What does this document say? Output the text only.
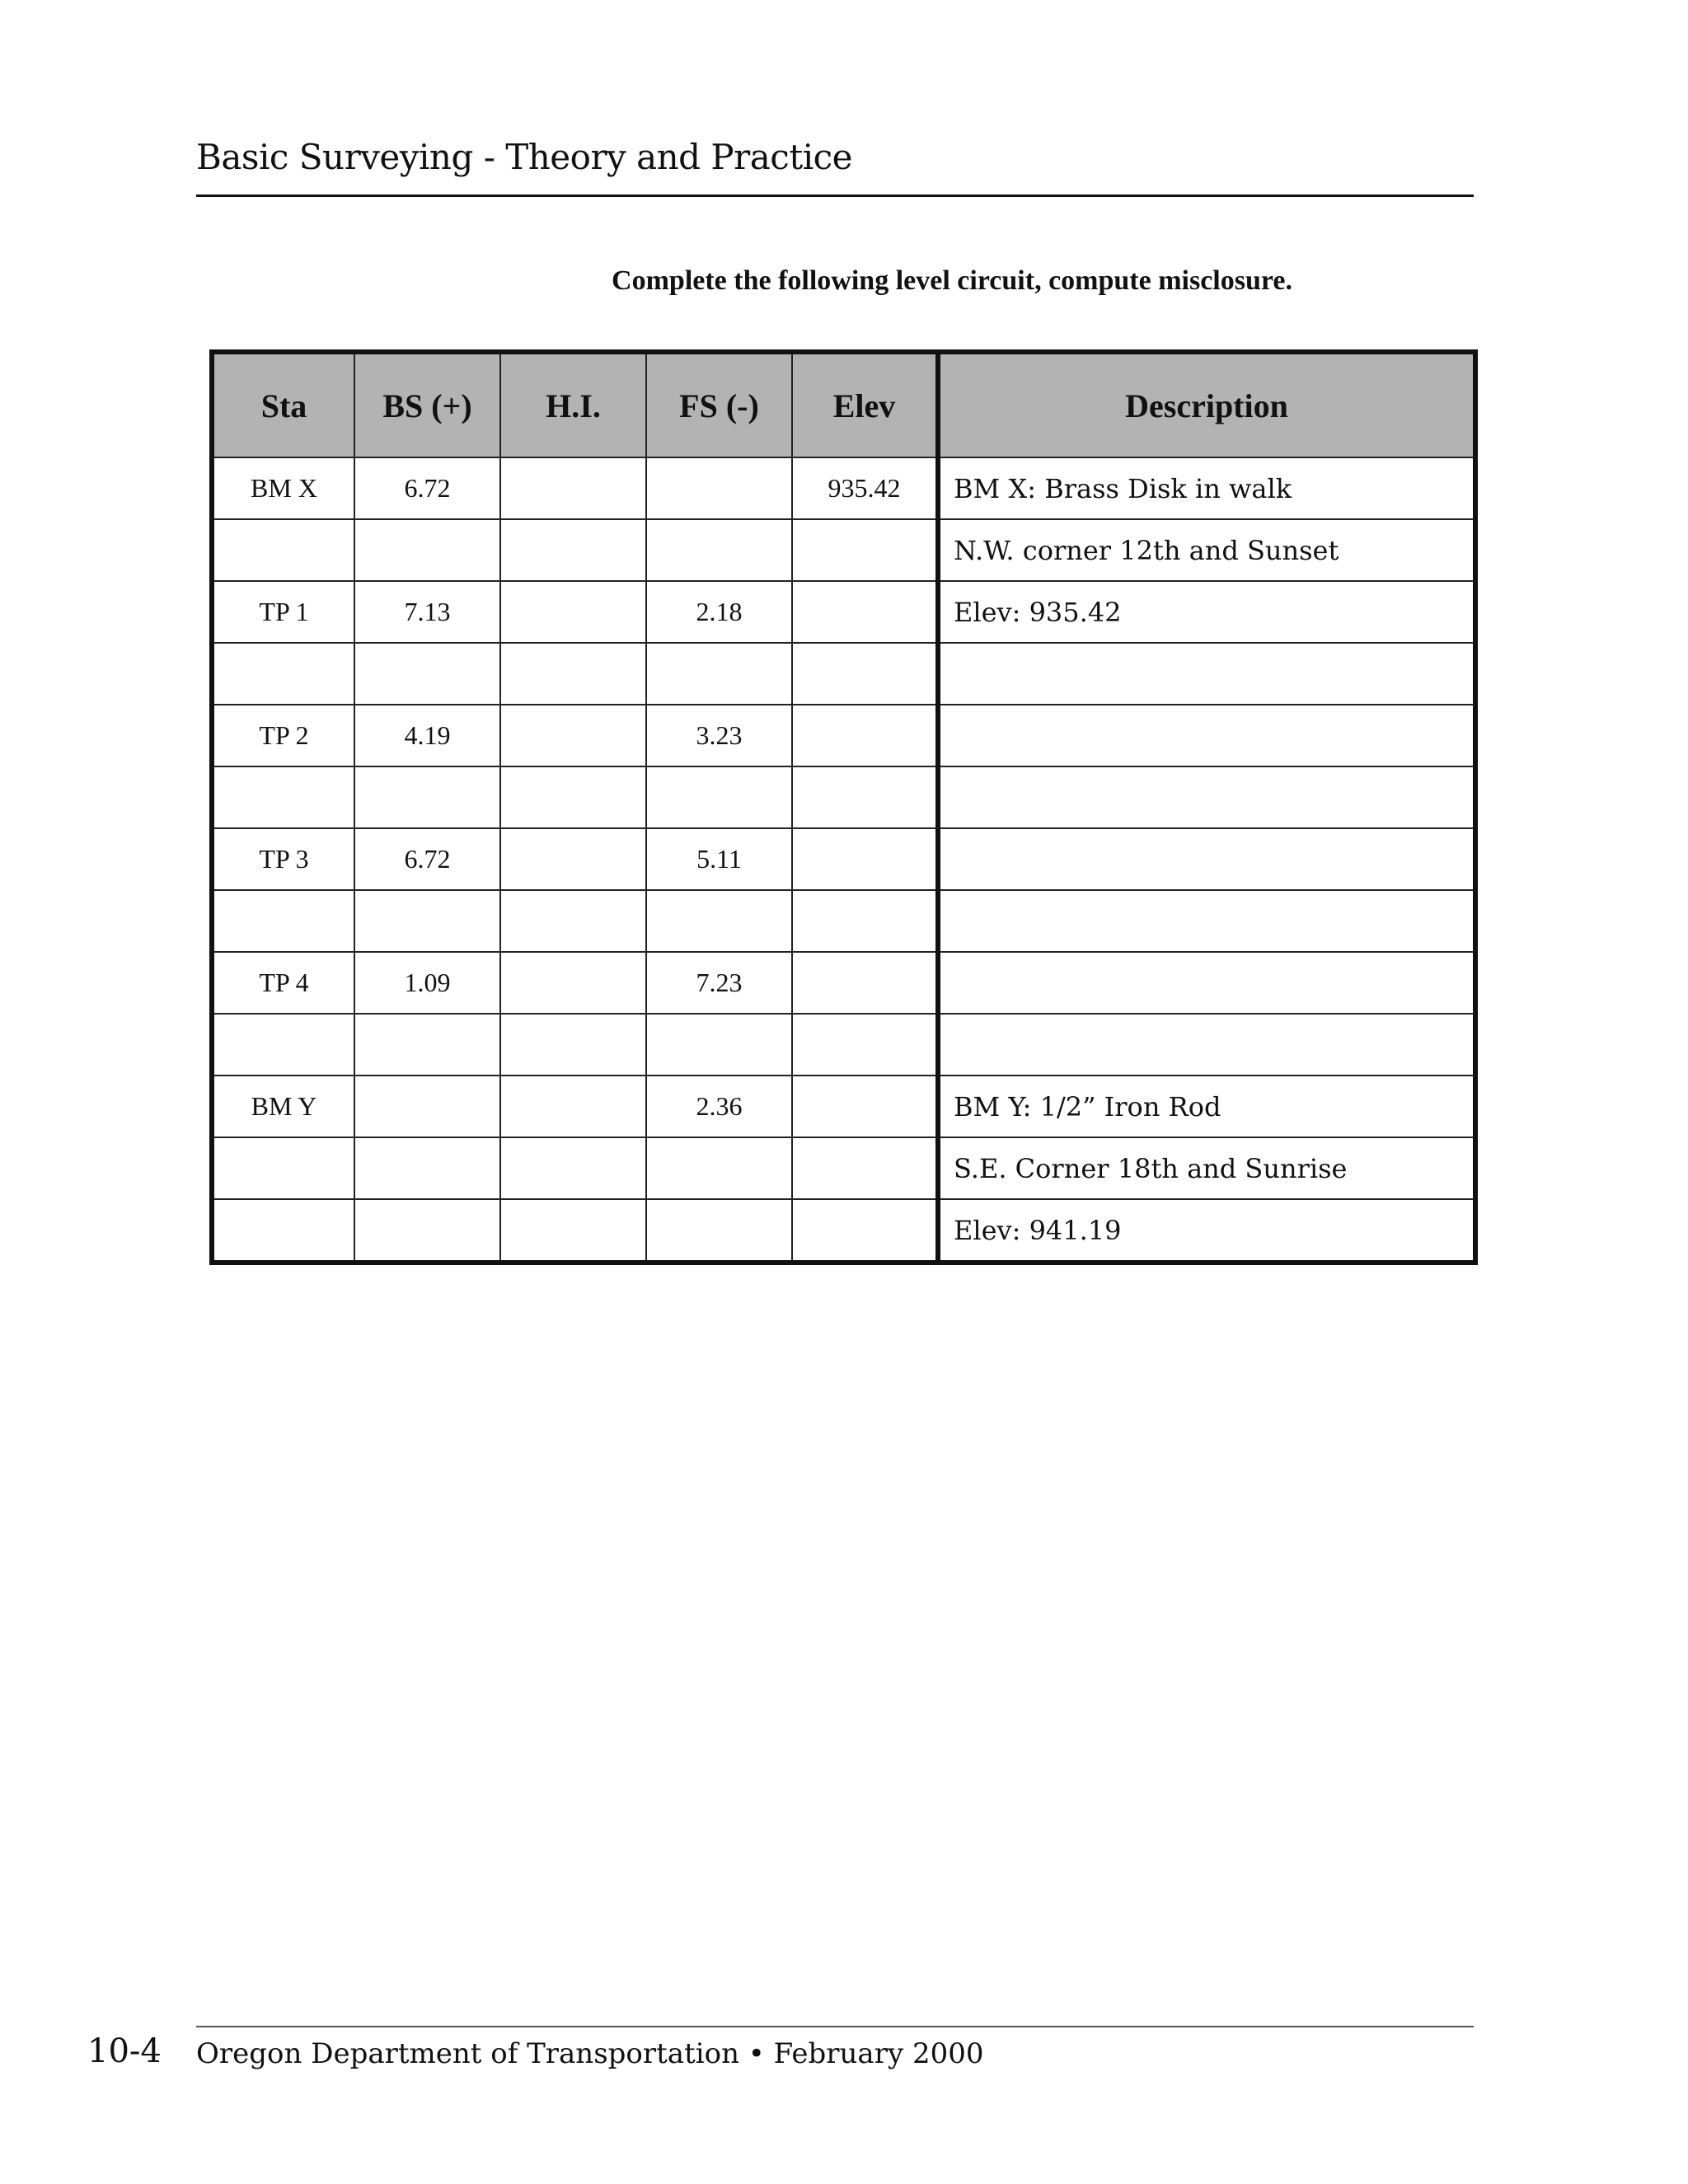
Basic Surveying - Theory and Practice
Complete the following level circuit, compute misclosure.
Sta	BS (+)	H.I.	FS (-)	Elev	Description
BM X	6.72			935.42	BM X: Brass Disk in walk
					N.W. corner 12th and Sunset
TP 1	7.13		2.18		Elev: 935.42

TP 2	4.19		3.23		

TP 3	6.72		5.11		

TP 4	1.09		7.23		

BM Y			2.36		BM Y: 1/2” Iron Rod
					S.E. Corner 18th and Sunrise
					Elev: 941.19
10-4 Oregon Department of Transportation • February 2000
